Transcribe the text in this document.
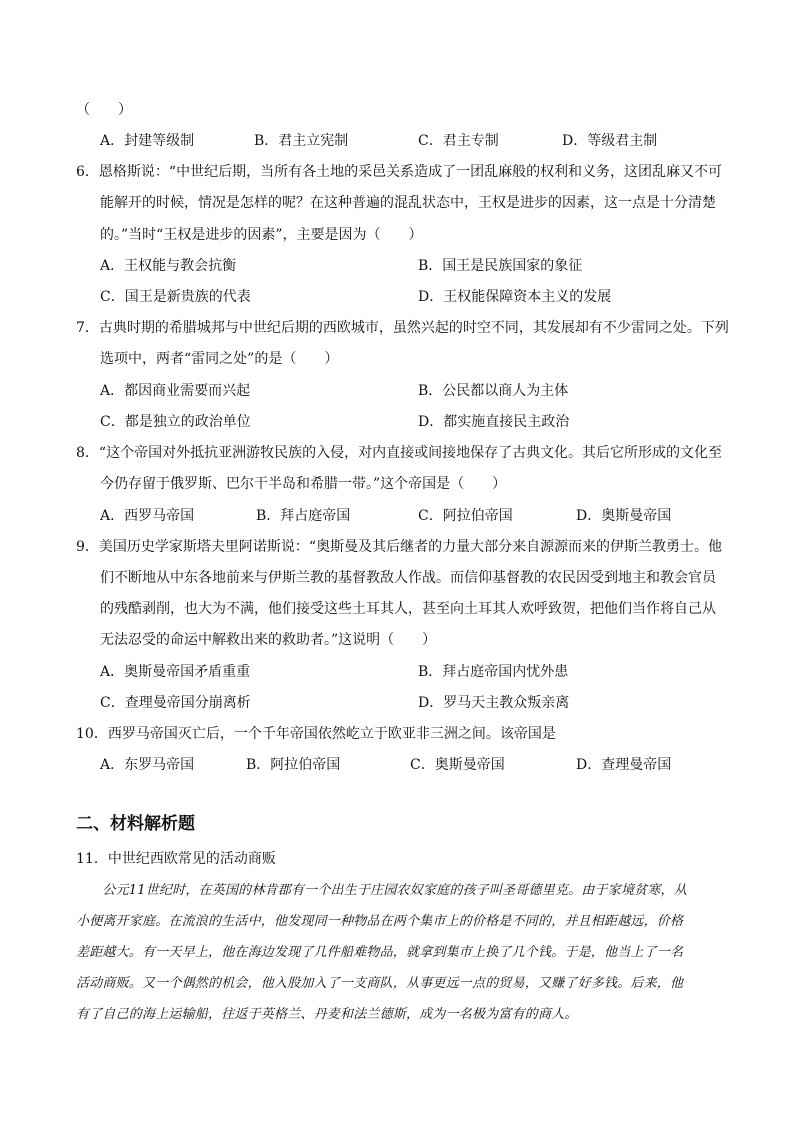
（　　）
A．封建等级制	B．君主立宪制	C．君主专制	D．等级君主制
6．恩格斯说：“中世纪后期，当所有各土地的采邑关系造成了一团乱麻般的权利和义务，这团乱麻又不可
能解开的时候，情况是怎样的呢？在这种普遍的混乱状态中，王权是进步的因素，这一点是十分清楚
的。”当时“王权是进步的因素”，主要是因为（　　）
A．王权能与教会抗衡	B．国王是民族国家的象征
C．国王是新贵族的代表	D．王权能保障资本主义的发展
7．古典时期的希腊城邦与中世纪后期的西欧城市，虽然兴起的时空不同，其发展却有不少雷同之处。下列
选项中，两者“雷同之处”的是（　　）
A．都因商业需要而兴起	B．公民都以商人为主体
C．都是独立的政治单位	D．都实施直接民主政治
8．“这个帝国对外抵抗亚洲游牧民族的入侵，对内直接或间接地保存了古典文化。其后它所形成的文化至
今仍存留于俄罗斯、巴尔干半岛和希腊一带。”这个帝国是（　　）
A．西罗马帝国	B．拜占庭帝国	C．阿拉伯帝国	D．奥斯曼帝国
9．美国历史学家斯塔夫里阿诺斯说：“奥斯曼及其后继者的力量大部分来自源源而来的伊斯兰教勇士。他
们不断地从中东各地前来与伊斯兰教的基督教敌人作战。而信仰基督教的农民因受到地主和教会官员
的残酷剥削，也大为不满，他们接受这些土耳其人，甚至向土耳其人欢呼致贺，把他们当作将自己从
无法忍受的命运中解救出来的救助者。”这说明（　　）
A．奥斯曼帝国矛盾重重	B．拜占庭帝国内忧外患
C．查理曼帝国分崩离析	D．罗马天主教众叛亲离
10．西罗马帝国灭亡后，一个千年帝国依然屹立于欧亚非三洲之间。该帝国是
A．东罗马帝国	B．阿拉伯帝国	C．奥斯曼帝国	D．查理曼帝国
二、材料解析题
11．中世纪西欧常见的活动商贩
　　公元11世纪时，在英国的林肯郡有一个出生于庄园农奴家庭的孩子叫圣哥德里克。由于家境贫寒，从
小便离开家庭。在流浪的生活中，他发现同一种物品在两个集市上的价格是不同的，并且相距越远，价格
差距越大。有一天早上，他在海边发现了几件船难物品，就拿到集市上换了几个钱。于是，他当上了一名
活动商贩。又一个偶然的机会，他入股加入了一支商队，从事更远一点的贸易，又赚了好多钱。后来，他
有了自己的海上运输船，往返于英格兰、丹麦和法兰德斯，成为一名极为富有的商人。
